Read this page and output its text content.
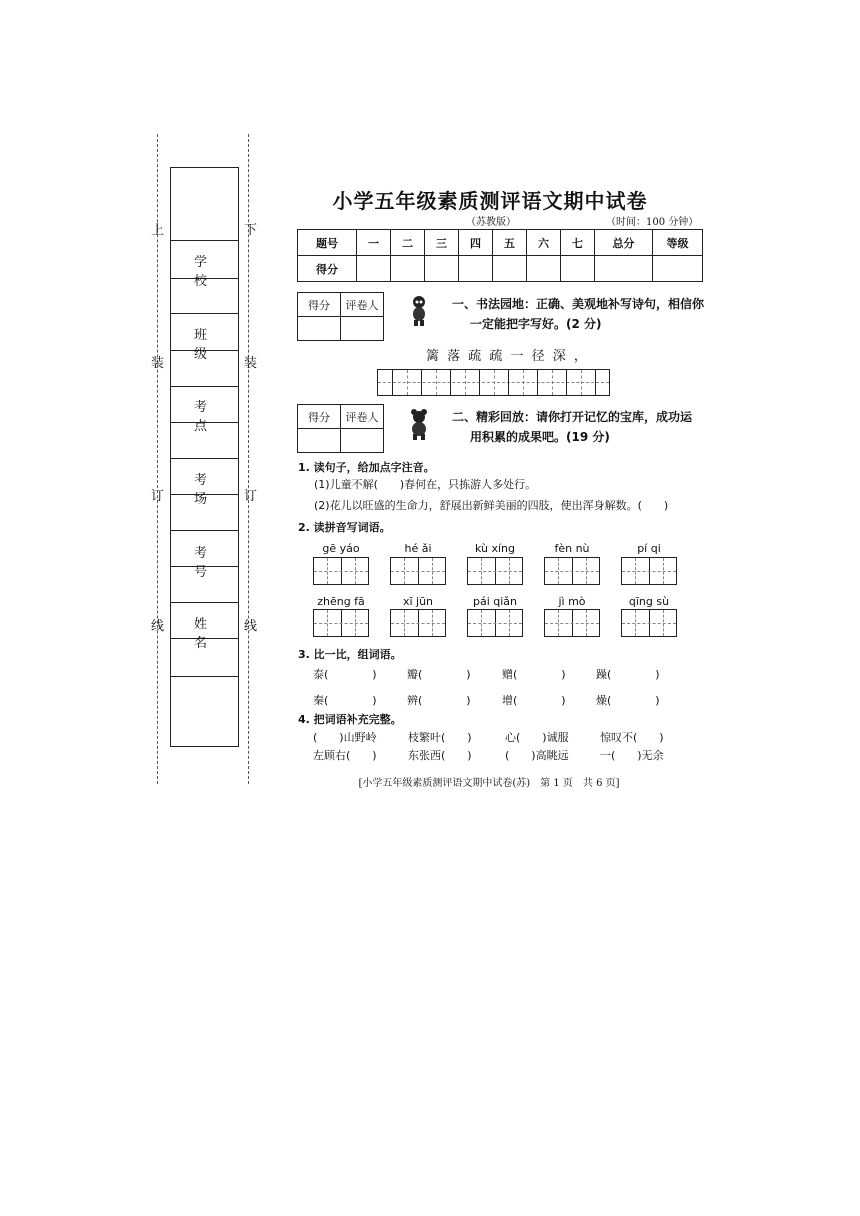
上
装
订
线
下
装
订
线
学 校
班 级
考 点
考 场
考 号
姓 名
小学五年级素质测评语文期中试卷
（苏教版）	（时间：100 分钟）
题号	一	二	三	四	五	六	七	总分	等级
得分									
得分	评卷人
		一、书法园地：正确、美观地补写诗句，相信你
一定能把字写好。(2 分)
篱 落 疏 疏 一 径 深 ，
得分	评卷人
		二、精彩回放：请你打开记忆的宝库，成功运
用积累的成果吧。(19 分)
1. 读句子，给加点字注音。
(1)儿童不解(　　)春何在，只拣游人多处行。
(2)花儿以旺盛的生命力，舒展出新鲜美丽的四肢，使出浑身解数。(　　)
2. 读拼音写词语。
gē yáo	hé ǎi	kù xíng	fèn nù	pí qi
zhēng fā	xī jūn	pái qiǎn	jì mò	qīng sù
3. 比一比，组词语。
泰(　　　　)	瓣(　　　　)	赠(　　　　)	躁(　　　　)
秦(　　　　)	辨(　　　　)	增(　　　　)	燥(　　　　)
4. 把词语补充完整。
(　　)山野岭	枝繁叶(　　)	心(　　)诚服	惊叹不(　　)
左顾右(　　)	东张西(　　)	(　　)高眺远	一(　　)无余
[小学五年级素质测评语文期中试卷(苏)　第 1 页　共 6 页]
